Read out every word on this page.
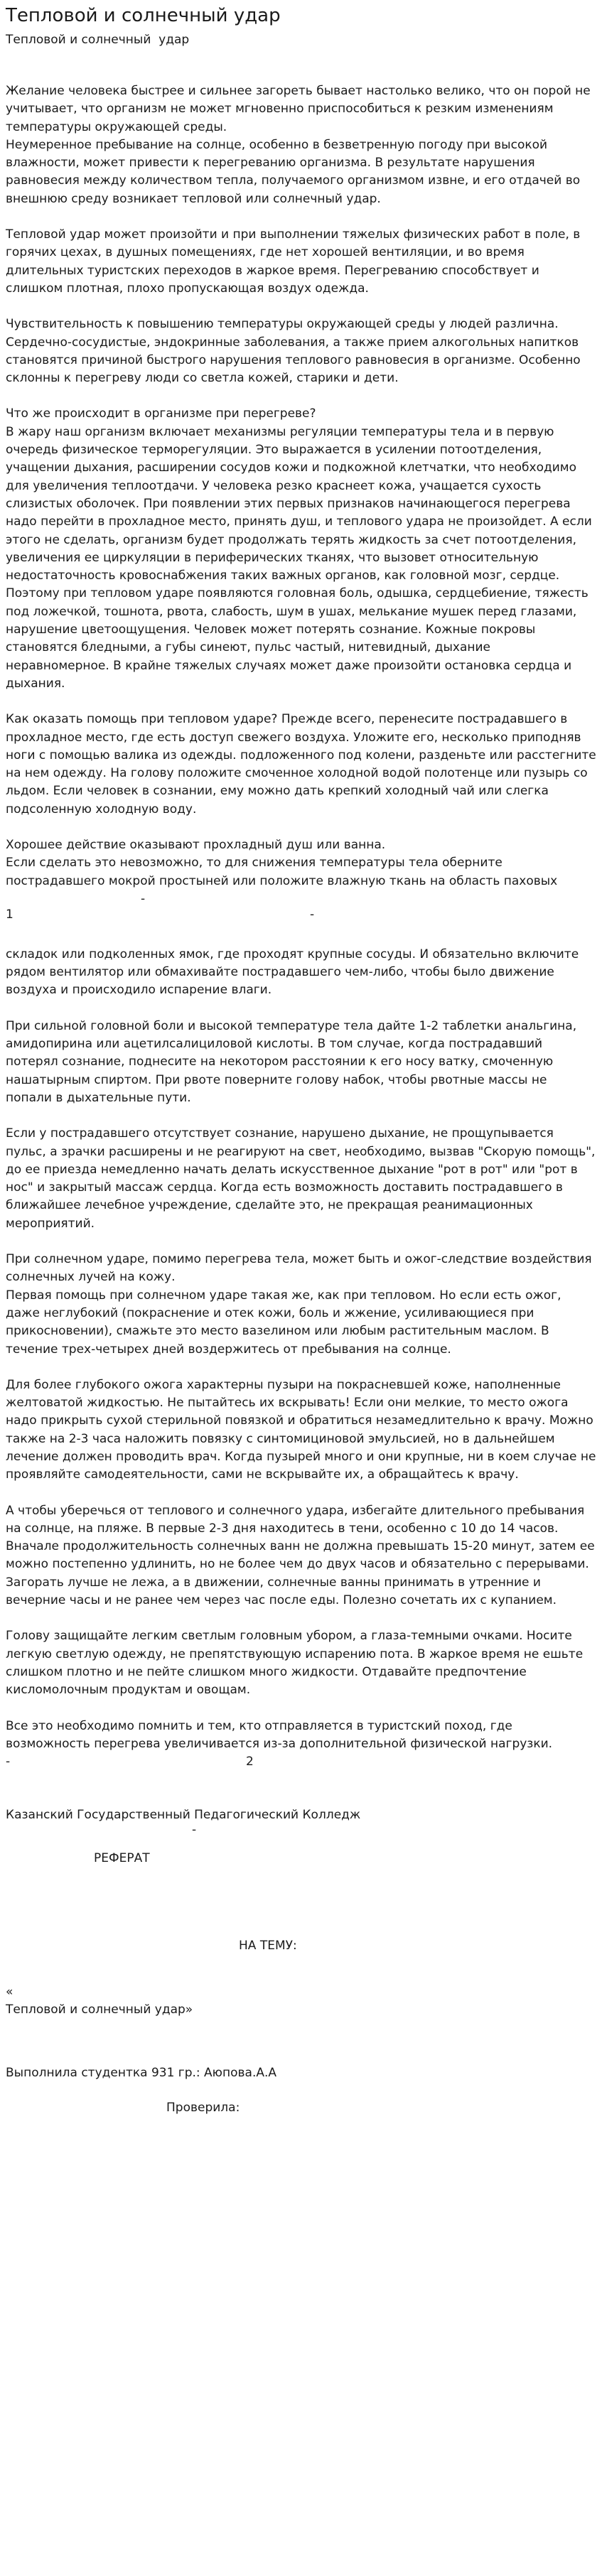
Тепловой и солнечный удар
Тепловой и солнечный  удар
Желание человека быстрее и сильнее загореть бывает настолько велико, что он порой не учитывает, что организм не может мгновенно приспособиться к резким изменениям температуры окружающей среды.
Неумеренное пребывание на солнце, особенно в безветренную погоду при высокой влажности, может привести к перегреванию организма. В результате нарушения равновесия между количеством тепла, получаемого организмом извне, и его отдачей во внешнюю среду возникает тепловой или солнечный удар.
Тепловой удар может произойти и при выполнении тяжелых физических работ в поле, в горячих цехах, в душных помещениях, где нет хорошей вентиляции, и во время длительных туристских переходов в жаркое время. Перегреванию способствует и слишком плотная, плохо пропускающая воздух одежда.
Чувствительность к повышению температуры окружающей среды у людей различна. Сердечно-сосудистые, эндокринные заболевания, а также прием алкогольных напитков становятся причиной быстрого нарушения теплового равновесия в организме. Особенно склонны к перегреву люди со светла кожей, старики и дети.
Что же происходит в организме при перегреве?
В жару наш организм включает механизмы регуляции температуры тела и в первую очередь физическое терморегуляции. Это выражается в усилении потоотделения, учащении дыхания, расширении сосудов кожи и подкожной клетчатки, что необходимо для увеличения теплоотдачи. У человека резко краснеет кожа, учащается сухость слизистых оболочек. При появлении этих первых признаков начинающегося перегрева надо перейти в прохладное место, принять душ, и теплового удара не произойдет. А если этого не сделать, организм будет продолжать терять жидкость за счет потоотделения, увеличения ее циркуляции в периферических тканях, что вызовет относительную недостаточность кровоснабжения таких важных органов, как головной мозг, сердце. Поэтому при тепловом ударе появляются головная боль, одышка, сердцебиение, тяжесть под ложечкой, тошнота, рвота, слабость, шум в ушах, мелькание мушек перед глазами, нарушение цветоощущения. Человек может потерять сознание. Кожные покровы становятся бледными, а губы синеют, пульс частый, нитевидный, дыхание неравномерное. В крайне тяжелых случаях может даже произойти остановка сердца и дыхания.
Как оказать помощь при тепловом ударе? Прежде всего, перенесите пострадавшего в прохладное место, где есть доступ свежего воздуха. Уложите его, несколько приподняв ноги с помощью валика из одежды. подложенного под колени, разденьте или расстегните на нем одежду. На голову положите смоченное холодной водой полотенце или пузырь со льдом. Если человек в сознании, ему можно дать крепкий холодный чай или слегка подсоленную холодную воду.
Хорошее действие оказывают прохладный душ или ванна.
Если сделать это невозможно, то для снижения температуры тела оберните пострадавшего мокрой простыней или положите влажную ткань на область паховых
-
1	-
складок или подколенных ямок, где проходят крупные сосуды. И обязательно включите рядом вентилятор или обмахивайте пострадавшего чем-либо, чтобы было движение воздуха и происходило испарение влаги.
При сильной головной боли и высокой температуре тела дайте 1-2 таблетки анальгина, амидопирина или ацетилсалициловой кислоты. В том случае, когда пострадавший потерял сознание, поднесите на некотором расстоянии к его носу ватку, смоченную нашатырным спиртом. При рвоте поверните голову набок, чтобы рвотные массы не попали в дыхательные пути.
Если у пострадавшего отсутствует сознание, нарушено дыхание, не прощупывается пульс, а зрачки расширены и не реагируют на свет, необходимо, вызвав "Скорую помощь", до ее приезда немедленно начать делать искусственное дыхание "рот в рот" или "рот в нос" и закрытый массаж сердца. Когда есть возможность доставить пострадавшего в ближайшее лечебное учреждение, сделайте это, не прекращая реанимационных мероприятий.
При солнечном ударе, помимо перегрева тела, может быть и ожог-следствие воздействия солнечных лучей на кожу.
Первая помощь при солнечном ударе такая же, как при тепловом. Но если есть ожог, даже неглубокий (покраснение и отек кожи, боль и жжение, усиливающиеся при прикосновении), смажьте это место вазелином или любым растительным маслом. В течение трех-четырех дней воздержитесь от пребывания на солнце.
Для более глубокого ожога характерны пузыри на покрасневшей коже, наполненные желтоватой жидкостью. Не пытайтесь их вскрывать! Если они мелкие, то место ожога надо прикрыть сухой стерильной повязкой и обратиться незамедлительно к врачу. Можно также на 2-3 часа наложить повязку с синтомициновой эмульсией, но в дальнейшем лечение должен проводить врач. Когда пузырей много и они крупные, ни в коем случае не проявляйте самодеятельности, сами не вскрывайте их, а обращайтесь к врачу.
А чтобы уберечься от теплового и солнечного удара, избегайте длительного пребывания на солнце, на пляже. В первые 2-3 дня находитесь в тени, особенно с 10 до 14 часов. Вначале продолжительность солнечных ванн не должна превышать 15-20 минут, затем ее можно постепенно удлинить, но не более чем до двух часов и обязательно с перерывами. Загорать лучше не лежа, а в движении, солнечные ванны принимать в утренние и вечерние часы и не ранее чем через час после еды. Полезно сочетать их с купанием.
Голову защищайте легким светлым головным убором, а глаза-темными очками. Носите легкую светлую одежду, не препятствующую испарению пота. В жаркое время не ешьте слишком плотно и не пейте слишком много жидкости. Отдавайте предпочтение кисломолочным продуктам и овощам.
Все это необходимо помнить и тем, кто отправляется в туристский поход, где возможность перегрева увеличивается из-за дополнительной физической нагрузки.
-	2
Казанский Государственный Педагогический Колледж
-
РЕФЕРАТ
НА ТЕМУ:
«
Тепловой и солнечный удар»
Выполнила студентка 931 гр.: Аюпова.А.А
Проверила:
